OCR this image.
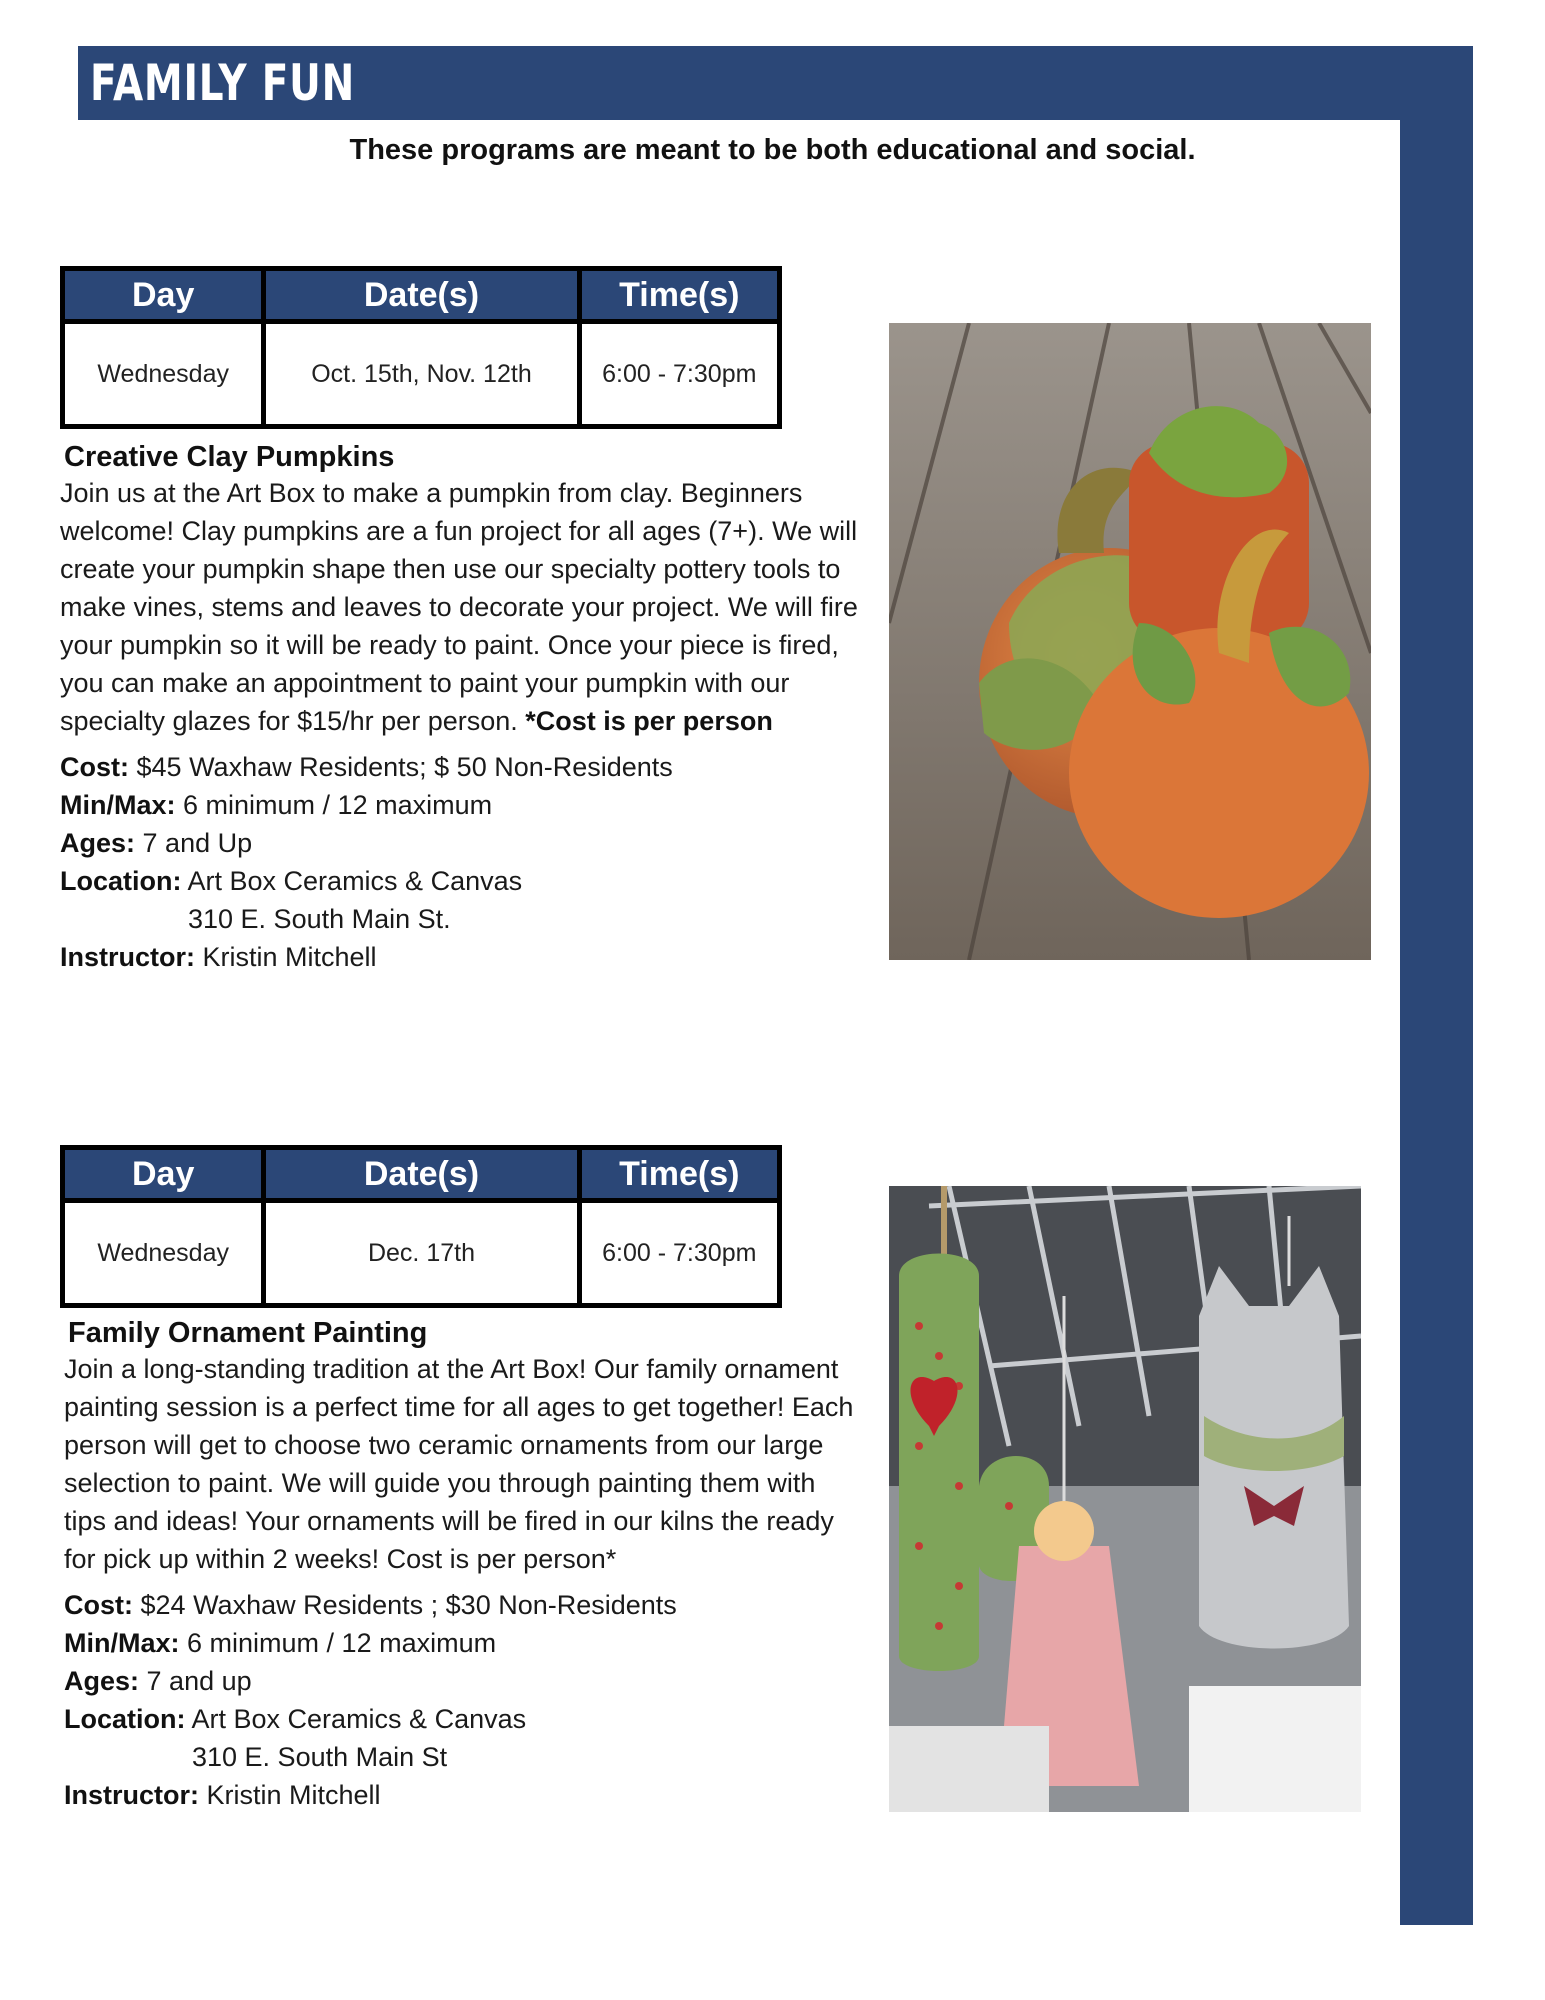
FAMILY FUN
These programs are meant to be both educational and social.
Day	Date(s)	Time(s)
Wednesday	Oct. 15th, Nov. 12th	6:00 - 7:30pm
Creative Clay Pumpkins

Join us at the Art Box to make a pumpkin from clay. Beginners welcome! Clay pumpkins are a fun project for all ages (7+). We will create your pumpkin shape then use our specialty pottery tools to make vines, stems and leaves to decorate your project. We will fire your pumpkin so it will be ready to paint. Once your piece is fired, you can make an appointment to paint your pumpkin with our specialty glazes for $15/hr per person. *Cost is per person

Cost: $45 Waxhaw Residents; $ 50 Non-Residents
Min/Max: 6 minimum / 12 maximum
Ages: 7 and Up
Location: Art Box Ceramics & Canvas
310 E. South Main St.
Instructor: Kristin Mitchell
Day	Date(s)	Time(s)
Wednesday	Dec. 17th	6:00 - 7:30pm
Family Ornament Painting

Join a long-standing tradition at the Art Box! Our family ornament painting session is a perfect time for all ages to get together! Each person will get to choose two ceramic ornaments from our large selection to paint. We will guide you through painting them with tips and ideas! Your ornaments will be fired in our kilns the ready for pick up within 2 weeks! Cost is per person*

Cost: $24 Waxhaw Residents ; $30 Non-Residents
Min/Max: 6 minimum / 12 maximum
Ages: 7 and up
Location: Art Box Ceramics & Canvas
310 E. South Main St
Instructor: Kristin Mitchell
